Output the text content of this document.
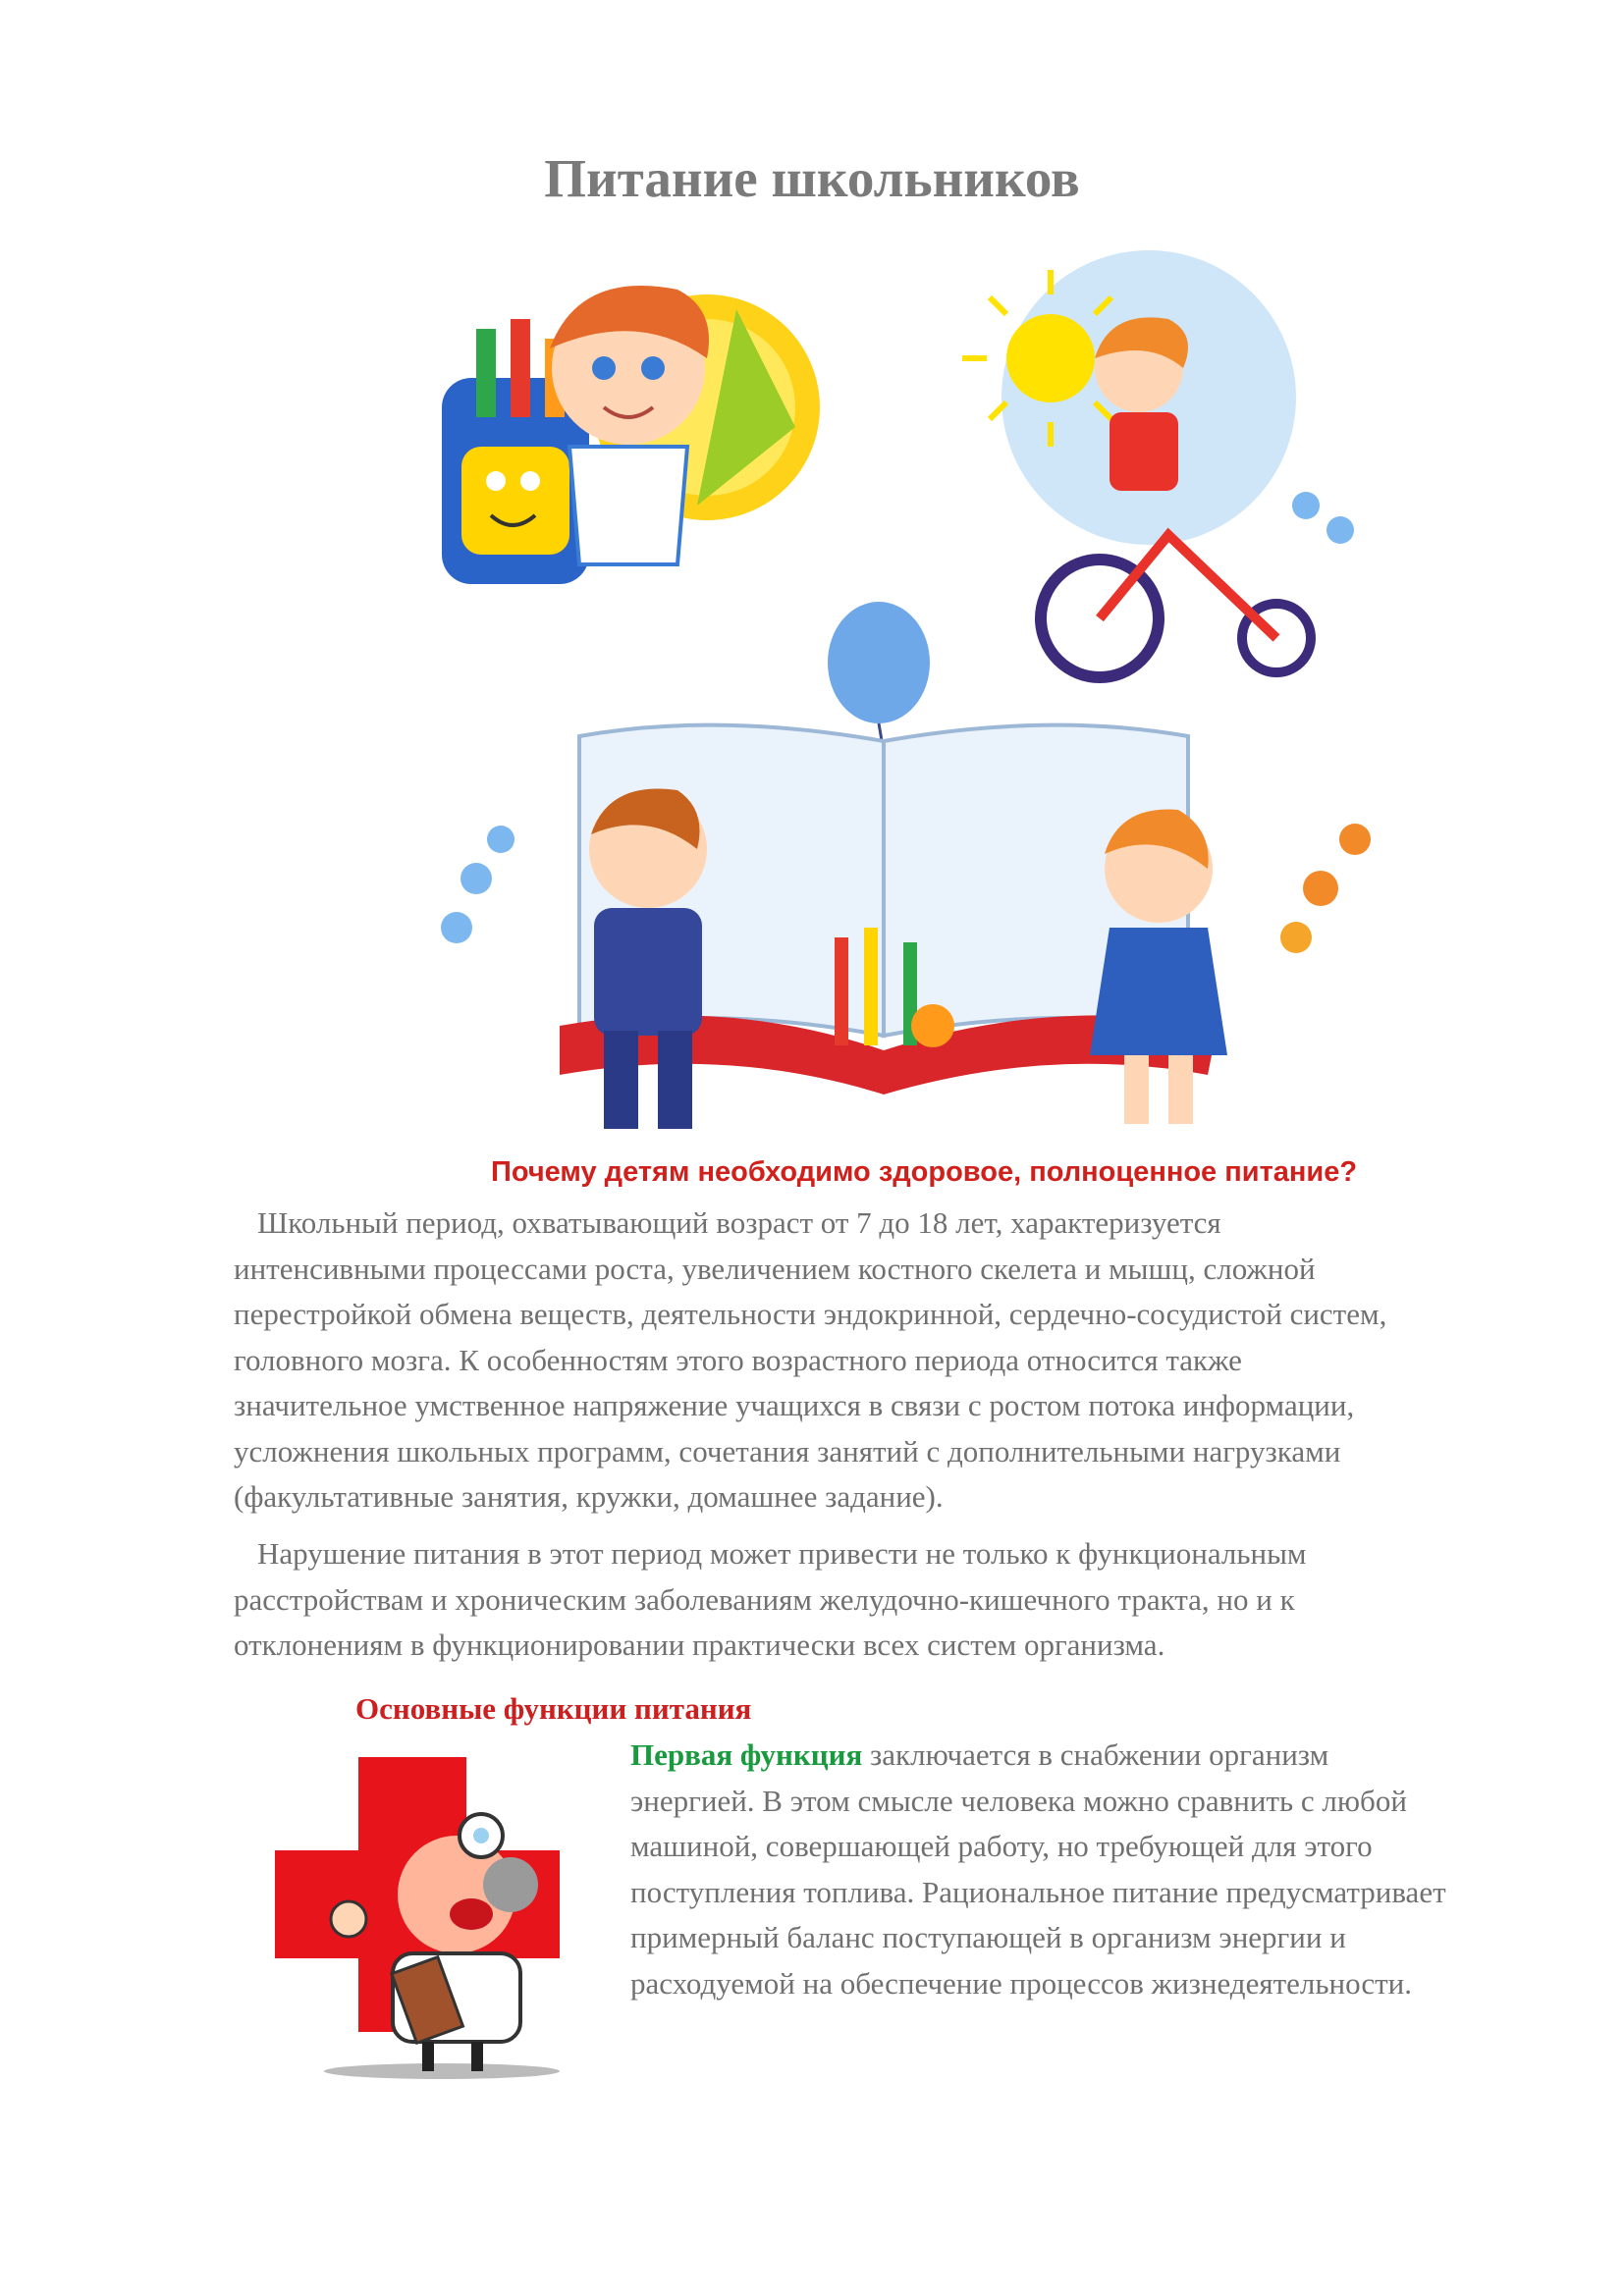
Питание школьников
Почему детям необходимо здоровое, полноценное питание?
Школьный период, охватывающий возраст от 7 до 18 лет, характеризуется
интенсивными процессами роста, увеличением костного скелета и мышц, сложной
перестройкой обмена веществ, деятельности эндокринной, сердечно-сосудистой систем,
головного мозга. К особенностям этого возрастного периода относится также
значительное умственное напряжение учащихся в связи с ростом потока информации,
усложнения школьных программ, сочетания занятий с дополнительными нагрузками
(факультативные занятия, кружки, домашнее задание).
Нарушение питания в этот период может привести не только к функциональным
расстройствам и хроническим заболеваниям желудочно-кишечного тракта, но и к
отклонениям в функционировании практически всех систем организма.
Основные функции питания
Первая функция заключается в снабжении организм
энергией. В этом смысле человека можно сравнить с любой
машиной, совершающей работу, но требующей для этого
поступления топлива. Рациональное питание предусматривает
примерный баланс поступающей в организм энергии и
расходуемой на обеспечение процессов жизнедеятельности.
